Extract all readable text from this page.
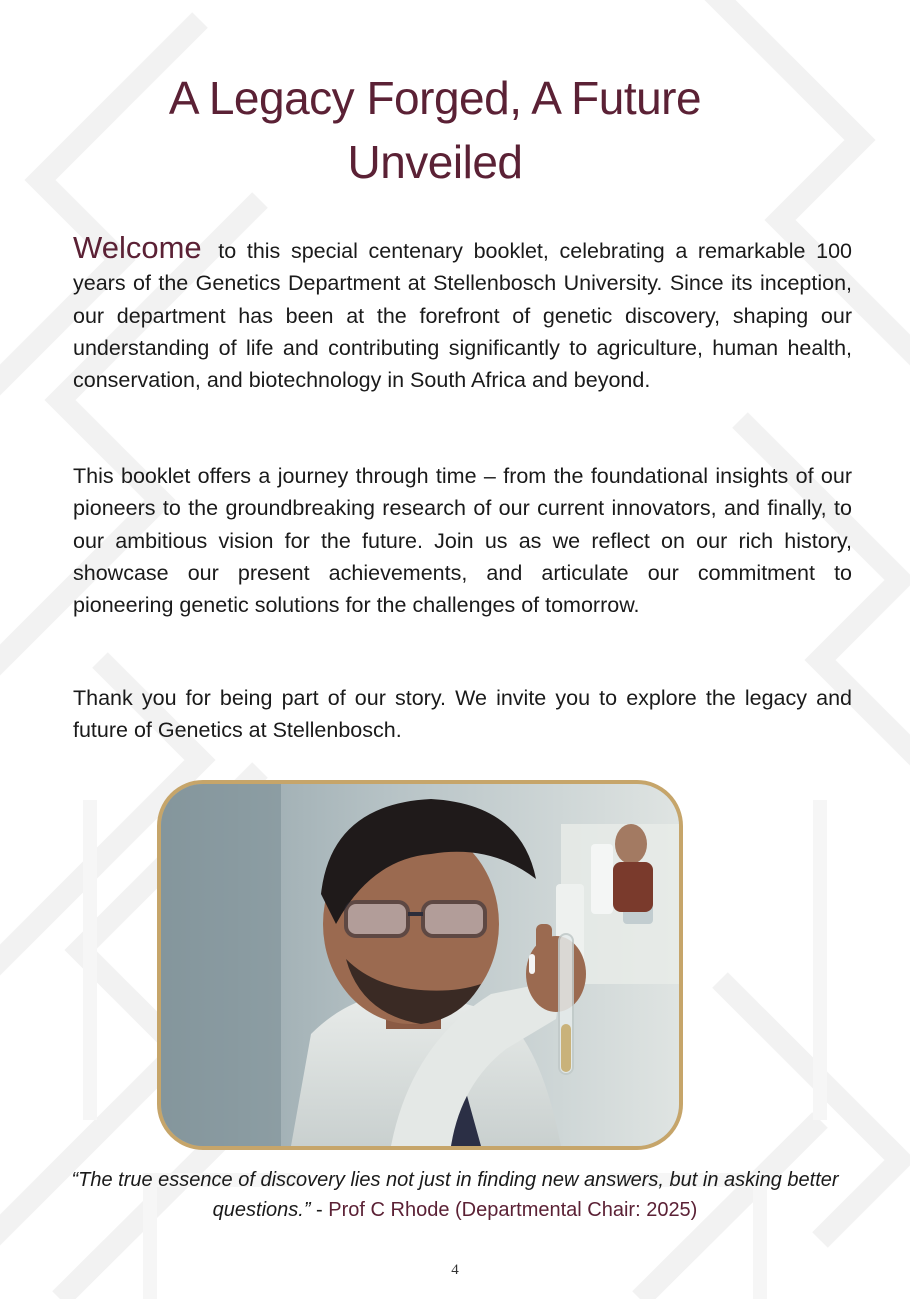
A Legacy Forged, A Future Unveiled

Welcome to this special centenary booklet, celebrating a remarkable 100 years of the Genetics Department at Stellenbosch University. Since its inception, our department has been at the forefront of genetic discovery, shaping our understanding of life and contributing significantly to agriculture, human health, conservation, and biotechnology in South Africa and beyond.

This booklet offers a journey through time – from the foundational insights of our pioneers to the groundbreaking research of our current innovators, and finally, to our ambitious vision for the future. Join us as we reflect on our rich history, showcase our present achievements, and articulate our commitment to pioneering genetic solutions for the challenges of tomorrow.

Thank you for being part of our story. We invite you to explore the legacy and future of Genetics at Stellenbosch.

“The true essence of discovery lies not just in finding new answers, but in asking better questions.” - Prof C Rhode (Departmental Chair: 2025)

4
